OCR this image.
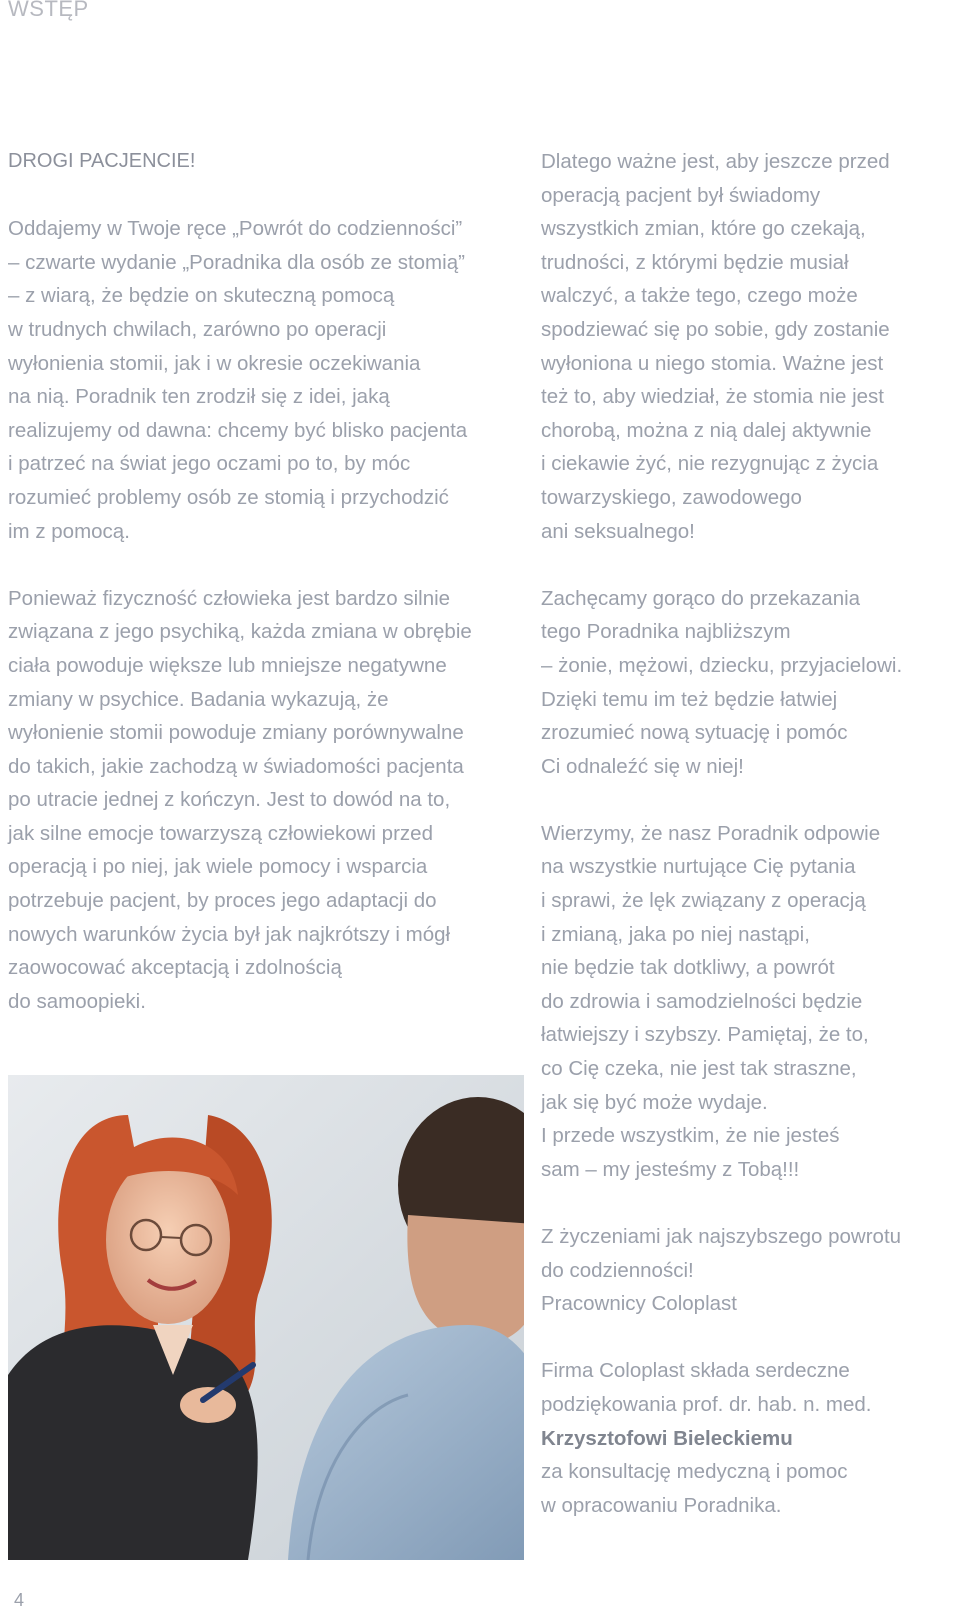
WSTĘP

DROGI PACJENCIE!

Oddajemy w Twoje ręce „Powrót do codzienności”
– czwarte wydanie „Poradnika dla osób ze stomią”
– z wiarą, że będzie on skuteczną pomocą
w trudnych chwilach, zarówno po operacji
wyłonienia stomii, jak i w okresie oczekiwania
na nią. Poradnik ten zrodził się z idei, jaką
realizujemy od dawna: chcemy być blisko pacjenta
i patrzeć na świat jego oczami po to, by móc
rozumieć problemy osób ze stomią i przychodzić
im z pomocą.

Ponieważ fizyczność człowieka jest bardzo silnie
związana z jego psychiką, każda zmiana w obrębie
ciała powoduje większe lub mniejsze negatywne
zmiany w psychice. Badania wykazują, że
wyłonienie stomii powoduje zmiany porównywalne
do takich, jakie zachodzą w świadomości pacjenta
po utracie jednej z kończyn. Jest to dowód na to,
jak silne emocje towarzyszą człowiekowi przed
operacją i po niej, jak wiele pomocy i wsparcia
potrzebuje pacjent, by proces jego adaptacji do
nowych warunków życia był jak najkrótszy i mógł
zaowocować akceptacją i zdolnością
do samoopieki.

Dlatego ważne jest, aby jeszcze przed
operacją pacjent był świadomy
wszystkich zmian, które go czekają,
trudności, z którymi będzie musiał
walczyć, a także tego, czego może
spodziewać się po sobie, gdy zostanie
wyłoniona u niego stomia. Ważne jest
też to, aby wiedział, że stomia nie jest
chorobą, można z nią dalej aktywnie
i ciekawie żyć, nie rezygnując z życia
towarzyskiego, zawodowego
ani seksualnego!

Zachęcamy gorąco do przekazania
tego Poradnika najbliższym
– żonie, mężowi, dziecku, przyjacielowi.
Dzięki temu im też będzie łatwiej
zrozumieć nową sytuację i pomóc
Ci odnaleźć się w niej!

Wierzymy, że nasz Poradnik odpowie
na wszystkie nurtujące Cię pytania
i sprawi, że lęk związany z operacją
i zmianą, jaka po niej nastąpi,
nie będzie tak dotkliwy, a powrót
do zdrowia i samodzielności będzie
łatwiejszy i szybszy. Pamiętaj, że to,
co Cię czeka, nie jest tak straszne,
jak się być może wydaje.
I przede wszystkim, że nie jesteś
sam – my jesteśmy z Tobą!!!

Z życzeniami jak najszybszego powrotu
do codzienności!
Pracownicy Coloplast

Firma Coloplast składa serdeczne
podziękowania prof. dr. hab. n. med.
Krzysztofowi Bieleckiemu
za konsultację medyczną i pomoc
w opracowaniu Poradnika.

4
